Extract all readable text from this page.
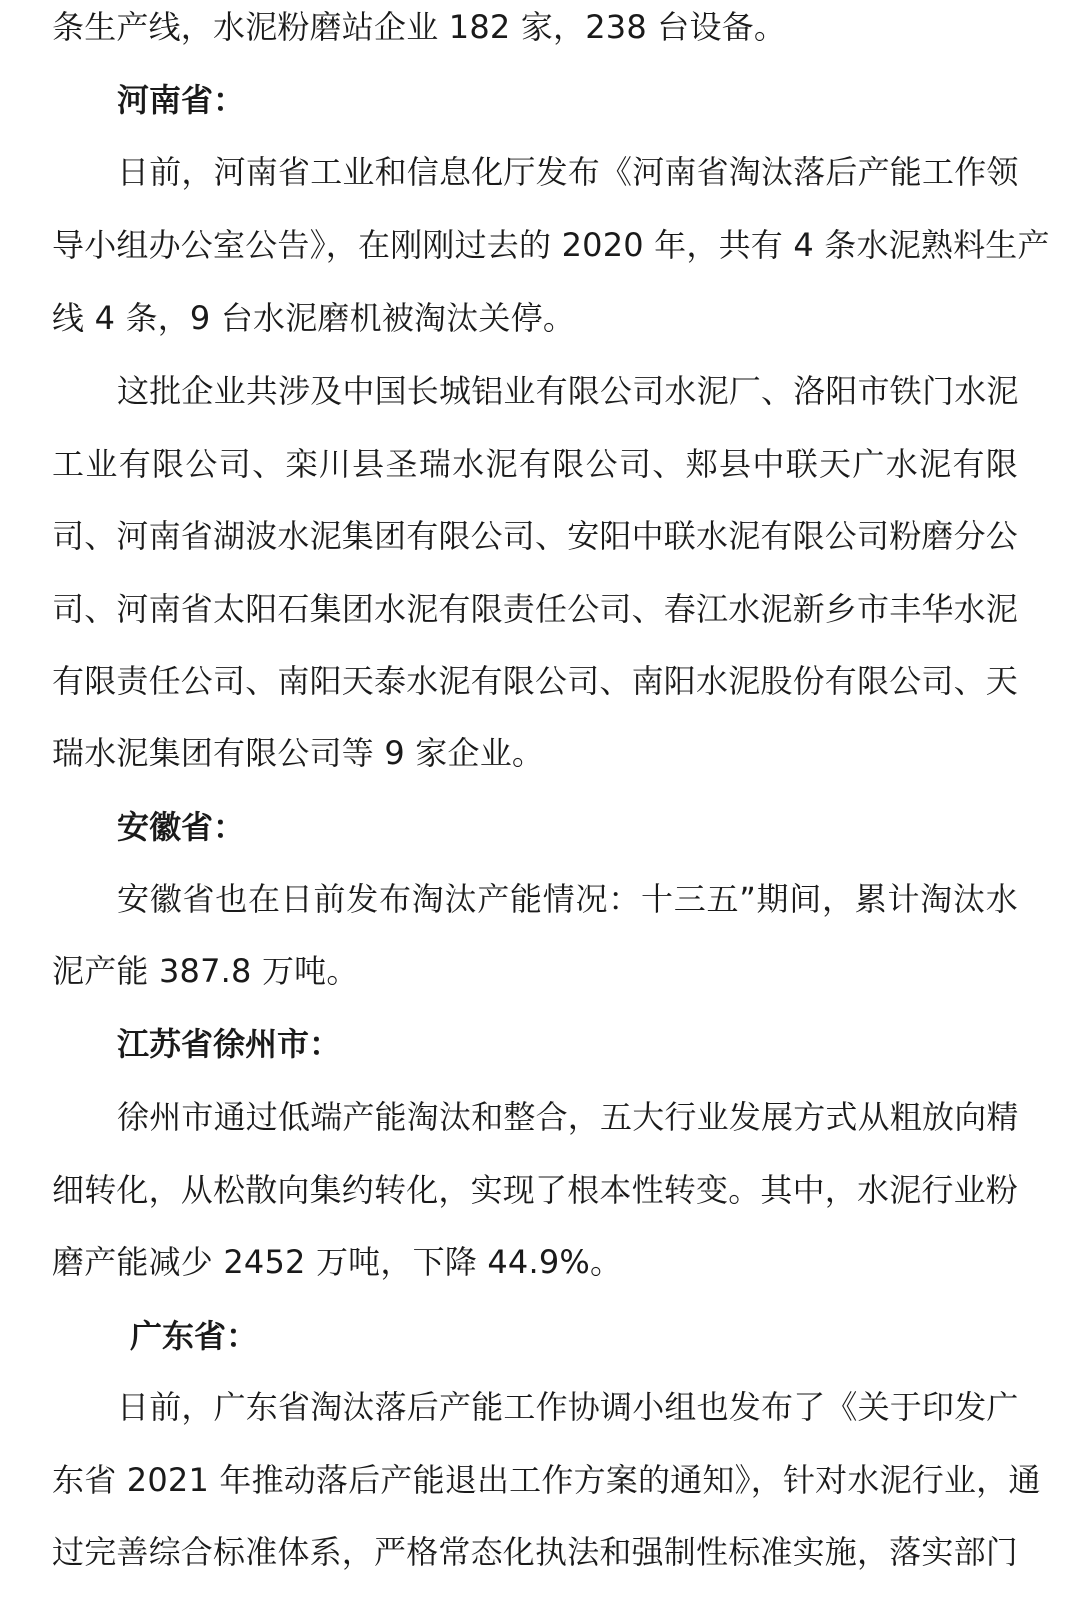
条生产线，水泥粉磨站企业 182 家，238 台设备。
河南省：
日前，河南省工业和信息化厅发布《河南省淘汰落后产能工作领
导小组办公室公告》，在刚刚过去的 2020 年，共有 4 条水泥熟料生产
线 4 条，9 台水泥磨机被淘汰关停。
这批企业共涉及中国长城铝业有限公司水泥厂、洛阳市铁门水泥
工业有限公司、栾川县圣瑞水泥有限公司、郏县中联天广水泥有限
司、河南省湖波水泥集团有限公司、安阳中联水泥有限公司粉磨分公
司、河南省太阳石集团水泥有限责任公司、春江水泥新乡市丰华水泥
有限责任公司、南阳天泰水泥有限公司、南阳水泥股份有限公司、天
瑞水泥集团有限公司等 9 家企业。
安徽省：
安徽省也在日前发布淘汰产能情况：十三五”期间，累计淘汰水
泥产能 387.8 万吨。
江苏省徐州市：
徐州市通过低端产能淘汰和整合，五大行业发展方式从粗放向精
细转化，从松散向集约转化，实现了根本性转变。其中，水泥行业粉
磨产能减少 2452 万吨，下降 44.9%。
广东省：
日前，广东省淘汰落后产能工作协调小组也发布了《关于印发广
东省 2021 年推动落后产能退出工作方案的通知》，针对水泥行业，通
过完善综合标准体系，严格常态化执法和强制性标准实施，落实部门
